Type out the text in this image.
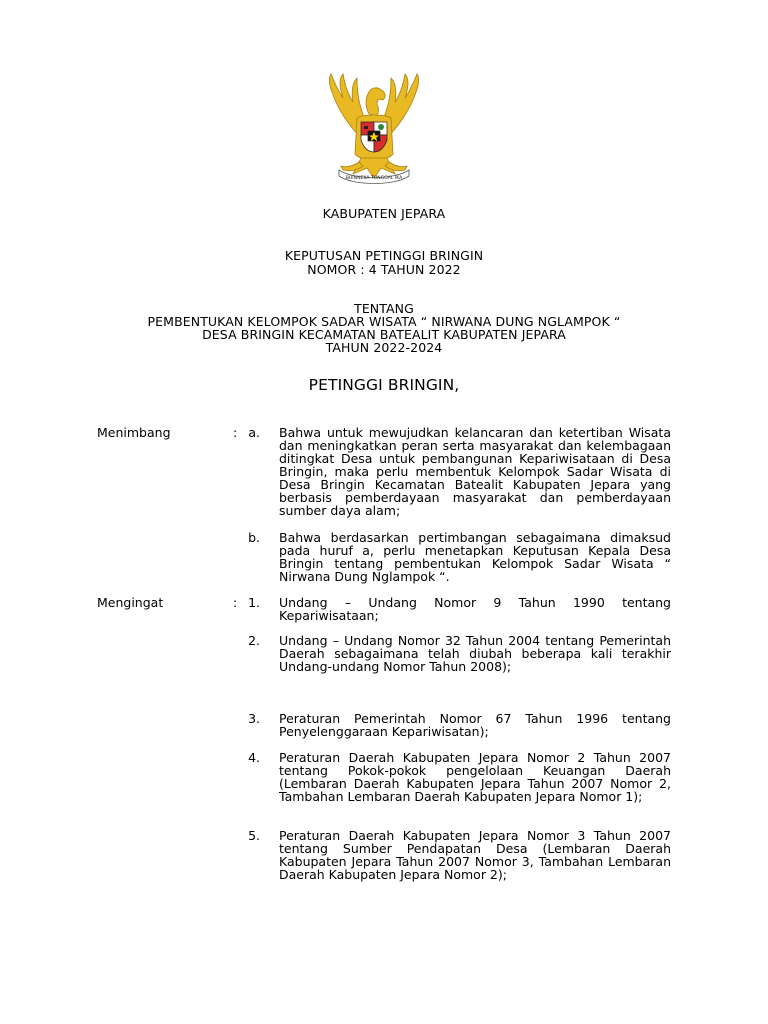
BHINNEKA TUNGGAL IKA
KABUPATEN JEPARA
KEPUTUSAN PETINGGI BRINGIN
NOMOR : 4 TAHUN 2022
TENTANG
PEMBENTUKAN KELOMPOK SADAR WISATA “ NIRWANA DUNG NGLAMPOK “
DESA BRINGIN KECAMATAN BATEALIT KABUPATEN JEPARA
TAHUN 2022-2024
PETINGGI BRINGIN,
Menimbang	: a. Bahwa untuk mewujudkan kelancaran dan ketertiban Wisata dan meningkatkan peran serta masyarakat dan kelembagaan ditingkat Desa untuk pembangunan Kepariwisataan di Desa Bringin, maka perlu membentuk Kelompok Sadar Wisata di Desa Bringin Kecamatan Batealit Kabupaten Jepara yang berbasis pemberdayaan masyarakat dan pemberdayaan sumber daya alam;

b. Bahwa berdasarkan pertimbangan sebagaimana dimaksud pada huruf a, perlu menetapkan Keputusan Kepala Desa Bringin tentang pembentukan Kelompok Sadar Wisata “ Nirwana Dung Nglampok “.

Mengingat	: 1. Undang – Undang Nomor 9 Tahun 1990 tentang Kepariwisataan;

2. Undang – Undang Nomor 32 Tahun 2004 tentang Pemerintah Daerah sebagaimana telah diubah beberapa kali terakhir Undang-undang Nomor Tahun 2008);

3. Peraturan Pemerintah Nomor 67 Tahun 1996 tentang Penyelenggaraan Kepariwisatan);

4. Peraturan Daerah Kabupaten Jepara Nomor 2 Tahun 2007 tentang Pokok-pokok pengelolaan Keuangan Daerah (Lembaran Daerah Kabupaten Jepara Tahun 2007 Nomor 2, Tambahan Lembaran Daerah Kabupaten Jepara Nomor 1);

5. Peraturan Daerah Kabupaten Jepara Nomor 3 Tahun 2007 tentang Sumber Pendapatan Desa (Lembaran Daerah Kabupaten Jepara Tahun 2007 Nomor 3, Tambahan Lembaran Daerah Kabupaten Jepara Nomor 2);
